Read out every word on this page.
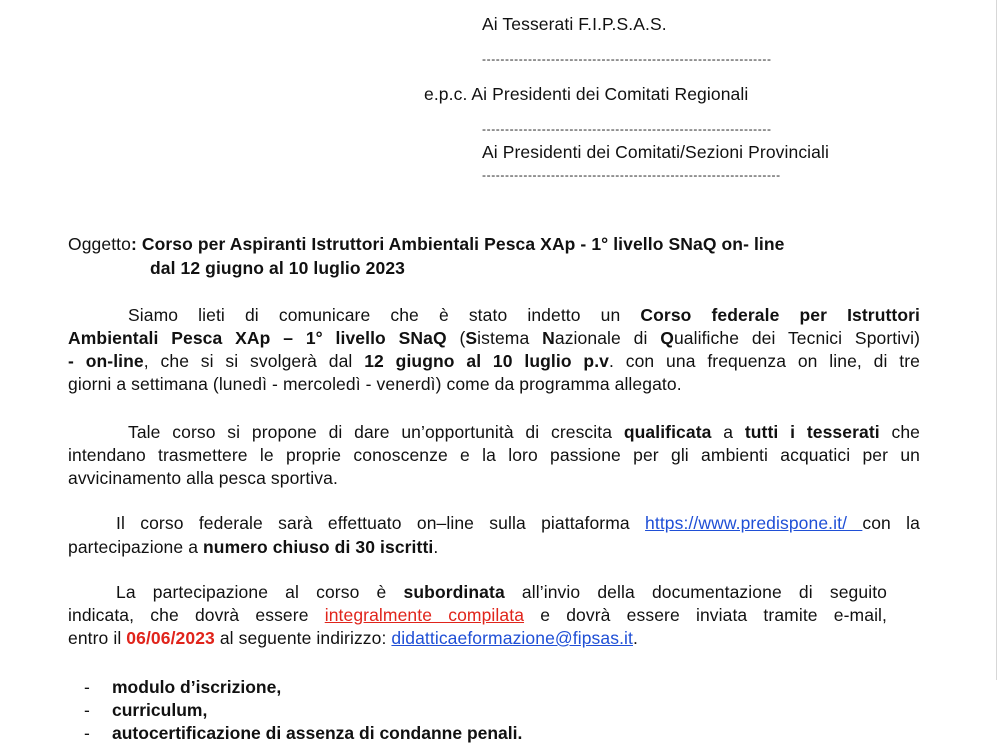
Ai Tesserati F.I.P.S.A.S.
---------------------------------------------------------------
e.p.c. Ai Presidenti dei Comitati Regionali
---------------------------------------------------------------
Ai Presidenti dei Comitati/Sezioni Provinciali
-----------------------------------------------------------------
Oggetto: Corso per Aspiranti Istruttori Ambientali Pesca XAp - 1° livello SNaQ on- line
dal 12 giugno al 10 luglio 2023
Siamo lieti di comunicare che è stato indetto un Corso federale per Istruttori
Ambientali Pesca XAp – 1° livello SNaQ (Sistema Nazionale di Qualifiche dei Tecnici Sportivi)
- on-line, che si si svolgerà dal 12 giugno al 10 luglio p.v. con una frequenza on line, di tre
giorni a settimana (lunedì - mercoledì - venerdì) come da programma allegato.
Tale corso si propone di dare un’opportunità di crescita qualificata a tutti i tesserati che
intendano trasmettere le proprie conoscenze e la loro passione per gli ambienti acquatici per un
avvicinamento alla pesca sportiva.
Il corso federale sarà effettuato on–line sulla piattaforma https://www.predispone.it/ con la
partecipazione a numero chiuso di 30 iscritti.
La partecipazione al corso è subordinata all’invio della documentazione di seguito
indicata, che dovrà essere integralmente compilata e dovrà essere inviata tramite e-mail,
entro il 06/06/2023 al seguente indirizzo: didatticaeformazione@fipsas.it.
- modulo d’iscrizione,
- curriculum,
- autocertificazione di assenza di condanne penali.
